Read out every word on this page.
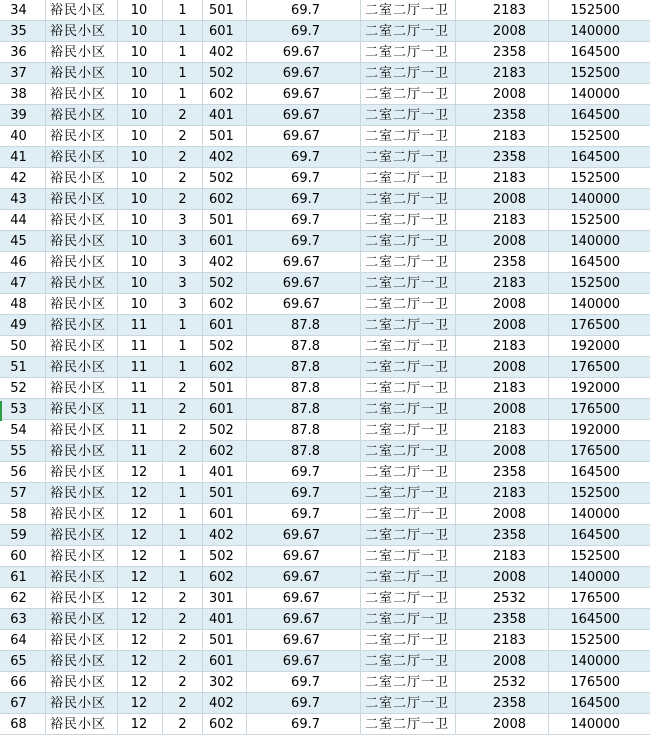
34	裕民小区	10	1	501	69.7	二室二厅一卫	2183	152500
35	裕民小区	10	1	601	69.7	二室二厅一卫	2008	140000
36	裕民小区	10	1	402	69.67	二室二厅一卫	2358	164500
37	裕民小区	10	1	502	69.67	二室二厅一卫	2183	152500
38	裕民小区	10	1	602	69.67	二室二厅一卫	2008	140000
39	裕民小区	10	2	401	69.67	二室二厅一卫	2358	164500
40	裕民小区	10	2	501	69.67	二室二厅一卫	2183	152500
41	裕民小区	10	2	402	69.7	二室二厅一卫	2358	164500
42	裕民小区	10	2	502	69.7	二室二厅一卫	2183	152500
43	裕民小区	10	2	602	69.7	二室二厅一卫	2008	140000
44	裕民小区	10	3	501	69.7	二室二厅一卫	2183	152500
45	裕民小区	10	3	601	69.7	二室二厅一卫	2008	140000
46	裕民小区	10	3	402	69.67	二室二厅一卫	2358	164500
47	裕民小区	10	3	502	69.67	二室二厅一卫	2183	152500
48	裕民小区	10	3	602	69.67	二室二厅一卫	2008	140000
49	裕民小区	11	1	601	87.8	二室二厅一卫	2008	176500
50	裕民小区	11	1	502	87.8	二室二厅一卫	2183	192000
51	裕民小区	11	1	602	87.8	二室二厅一卫	2008	176500
52	裕民小区	11	2	501	87.8	二室二厅一卫	2183	192000
53	裕民小区	11	2	601	87.8	二室二厅一卫	2008	176500
54	裕民小区	11	2	502	87.8	二室二厅一卫	2183	192000
55	裕民小区	11	2	602	87.8	二室二厅一卫	2008	176500
56	裕民小区	12	1	401	69.7	二室二厅一卫	2358	164500
57	裕民小区	12	1	501	69.7	二室二厅一卫	2183	152500
58	裕民小区	12	1	601	69.7	二室二厅一卫	2008	140000
59	裕民小区	12	1	402	69.67	二室二厅一卫	2358	164500
60	裕民小区	12	1	502	69.67	二室二厅一卫	2183	152500
61	裕民小区	12	1	602	69.67	二室二厅一卫	2008	140000
62	裕民小区	12	2	301	69.67	二室二厅一卫	2532	176500
63	裕民小区	12	2	401	69.67	二室二厅一卫	2358	164500
64	裕民小区	12	2	501	69.67	二室二厅一卫	2183	152500
65	裕民小区	12	2	601	69.67	二室二厅一卫	2008	140000
66	裕民小区	12	2	302	69.7	二室二厅一卫	2532	176500
67	裕民小区	12	2	402	69.7	二室二厅一卫	2358	164500
68	裕民小区	12	2	602	69.7	二室二厅一卫	2008	140000
